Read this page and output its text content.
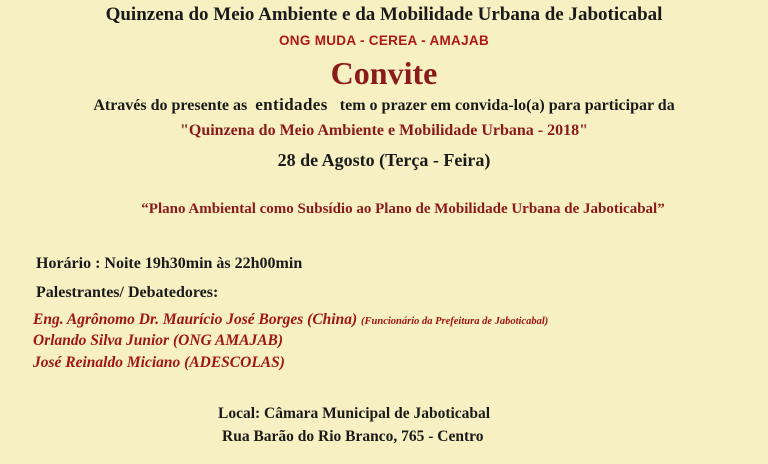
Quinzena do Meio Ambiente e da Mobilidade Urbana de Jaboticabal
ONG MUDA - CEREA - AMAJAB
Convite
Através do presente as entidades tem o prazer em convida-lo(a) para participar da
"Quinzena do Meio Ambiente e Mobilidade Urbana - 2018"
28 de Agosto (Terça - Feira)
“Plano Ambiental como Subsídio ao Plano de Mobilidade Urbana de Jaboticabal”
Horário : Noite 19h30min às 22h00min
Palestrantes/ Debatedores:
Eng. Agrônomo Dr. Maurício José Borges (China) (Funcionário da Prefeitura de Jaboticabal)
Orlando Silva Junior (ONG AMAJAB)
José Reinaldo Miciano (ADESCOLAS)
Local: Câmara Municipal de Jaboticabal
Rua Barão do Rio Branco, 765 - Centro
